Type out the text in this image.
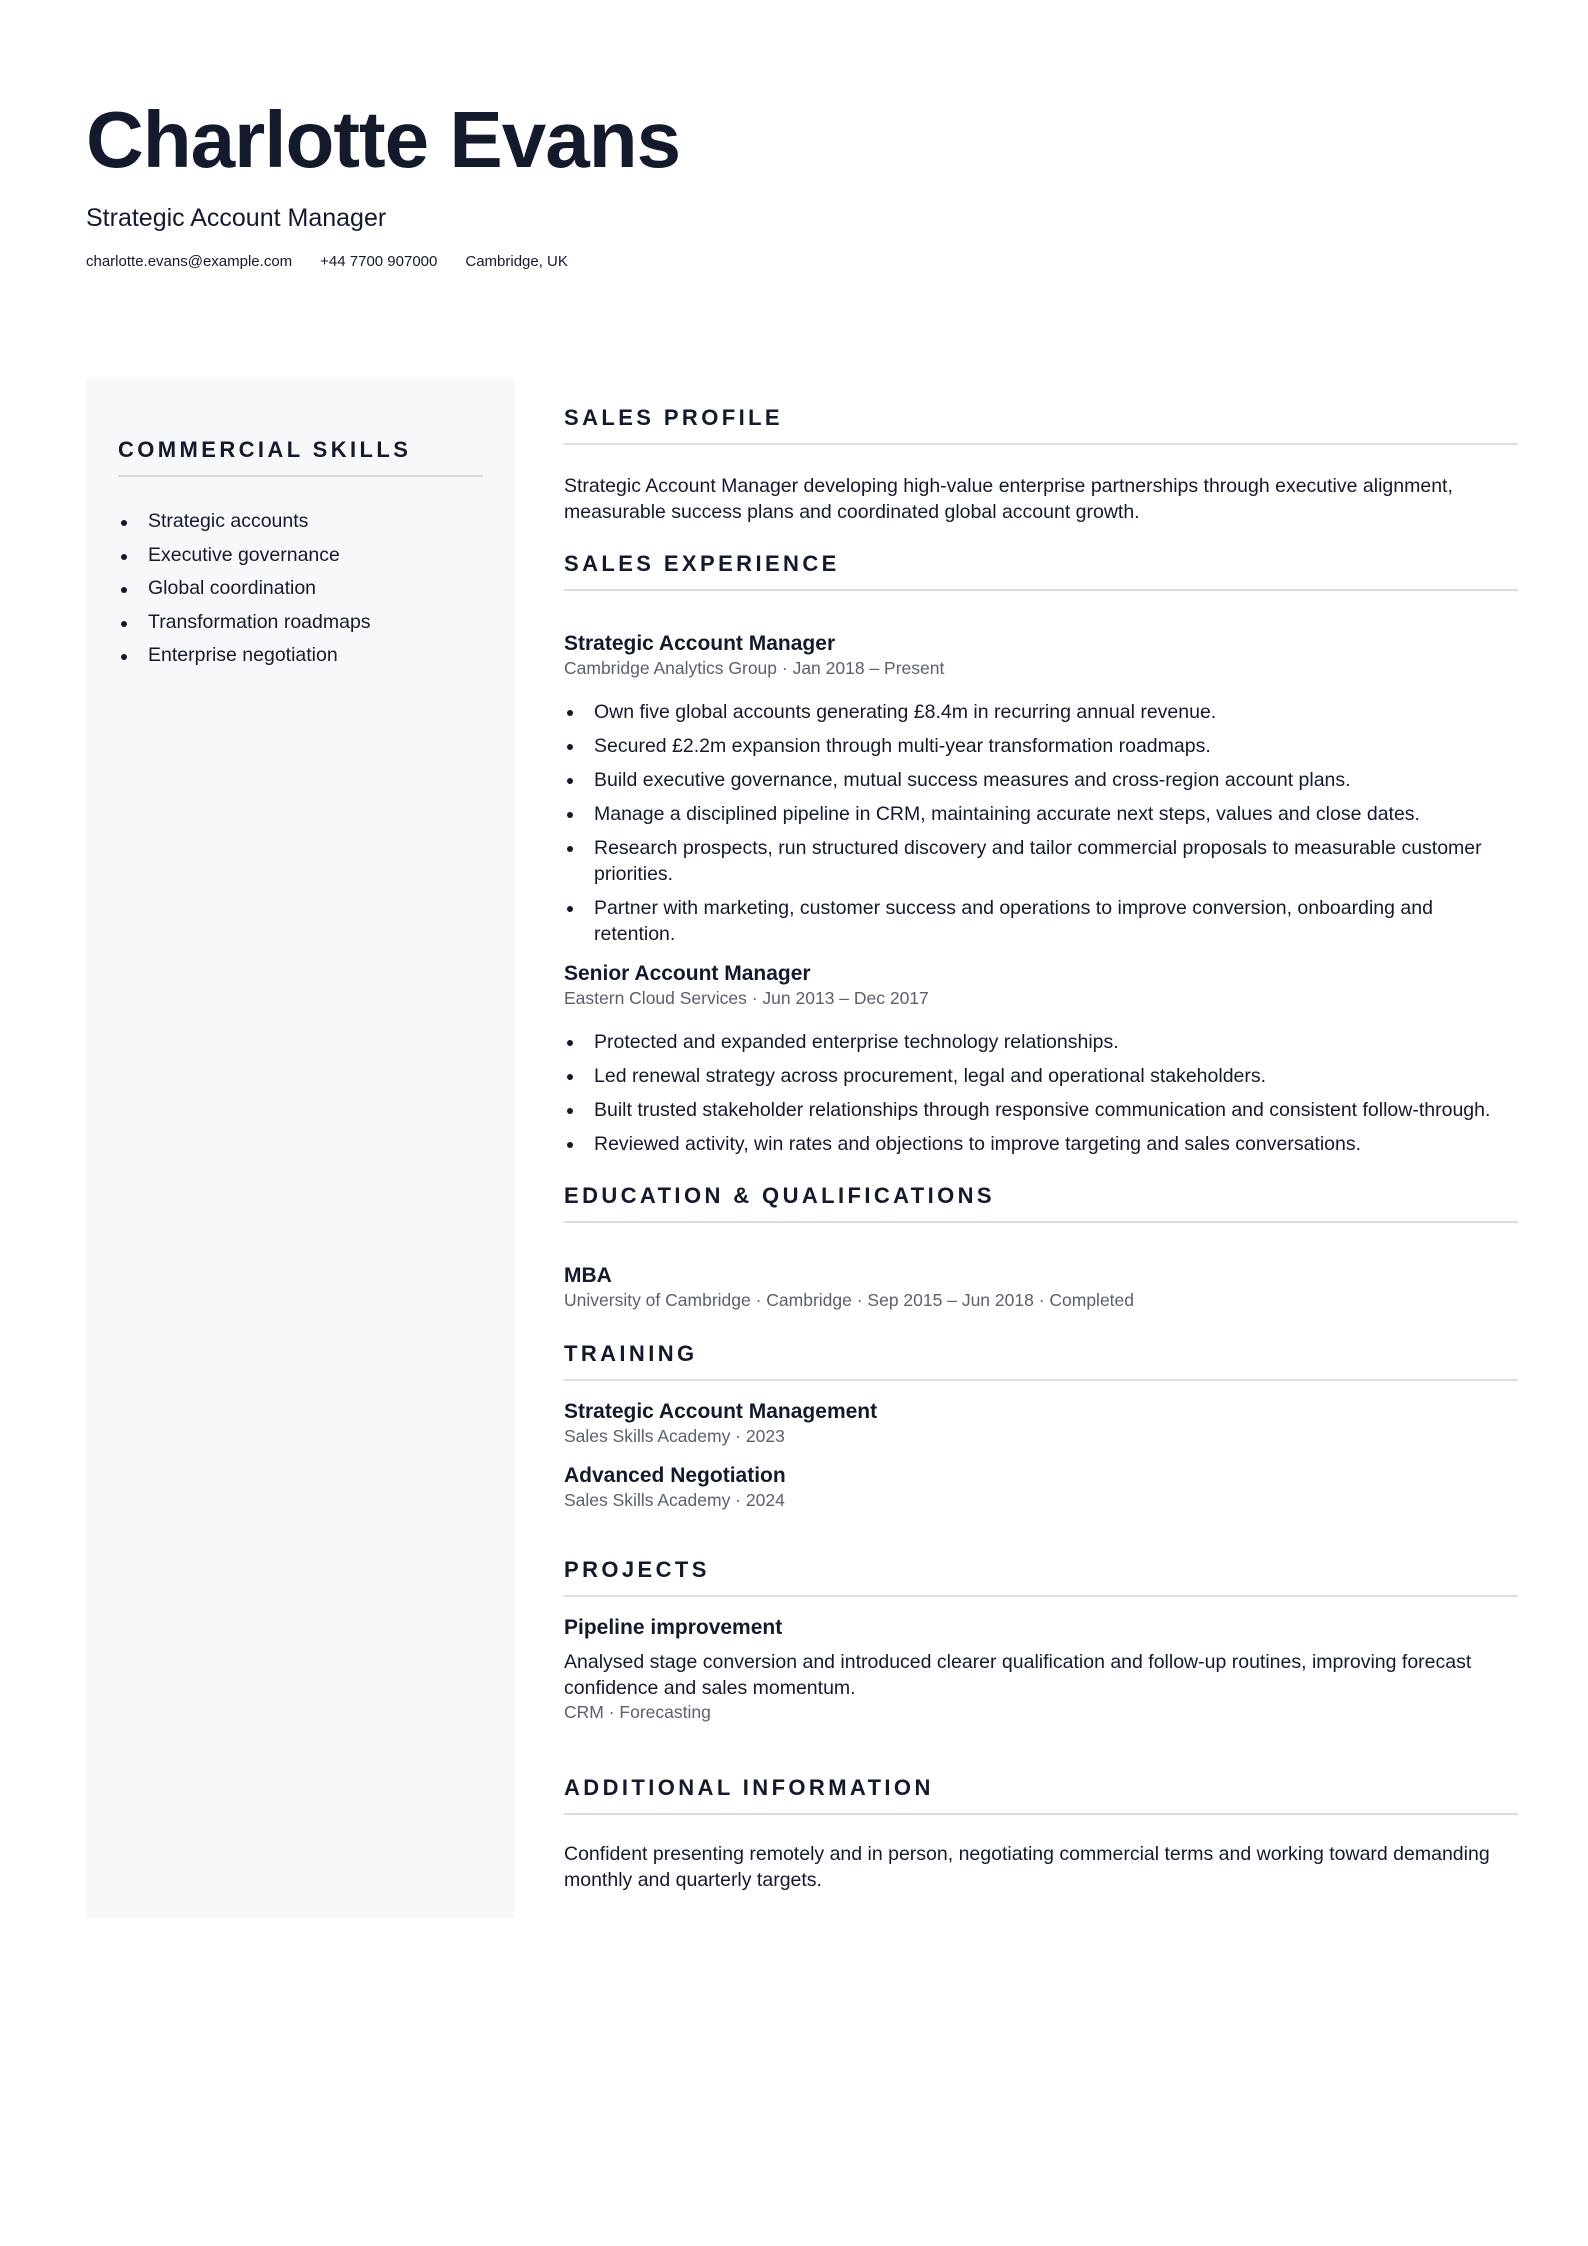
Charlotte Evans
Strategic Account Manager
charlotte.evans@example.com +44 7700 907000 Cambridge, UK
COMMERCIAL SKILLS
Strategic accounts
Executive governance
Global coordination
Transformation roadmaps
Enterprise negotiation
SALES PROFILE

Strategic Account Manager developing high-value enterprise partnerships through executive alignment, measurable success plans and coordinated global account growth.

SALES EXPERIENCE
Strategic Account Manager
Cambridge Analytics Group · Jan 2018 – Present
Own five global accounts generating £8.4m in recurring annual revenue.
Secured £2.2m expansion through multi-year transformation roadmaps.
Build executive governance, mutual success measures and cross-region account plans.
Manage a disciplined pipeline in CRM, maintaining accurate next steps, values and close dates.
Research prospects, run structured discovery and tailor commercial proposals to measurable customer priorities.
Partner with marketing, customer success and operations to improve conversion, onboarding and retention.
Senior Account Manager
Eastern Cloud Services · Jun 2013 – Dec 2017
Protected and expanded enterprise technology relationships.
Led renewal strategy across procurement, legal and operational stakeholders.
Built trusted stakeholder relationships through responsive communication and consistent follow-through.
Reviewed activity, win rates and objections to improve targeting and sales conversations.
EDUCATION & QUALIFICATIONS
MBA
University of Cambridge · Cambridge · Sep 2015 – Jun 2018 · Completed
TRAINING
Strategic Account Management
Sales Skills Academy · 2023
Advanced Negotiation
Sales Skills Academy · 2024
PROJECTS
Pipeline improvement

Analysed stage conversion and introduced clearer qualification and follow-up routines, improving forecast confidence and sales momentum.

CRM · Forecasting
ADDITIONAL INFORMATION

Confident presenting remotely and in person, negotiating commercial terms and working toward demanding monthly and quarterly targets.
